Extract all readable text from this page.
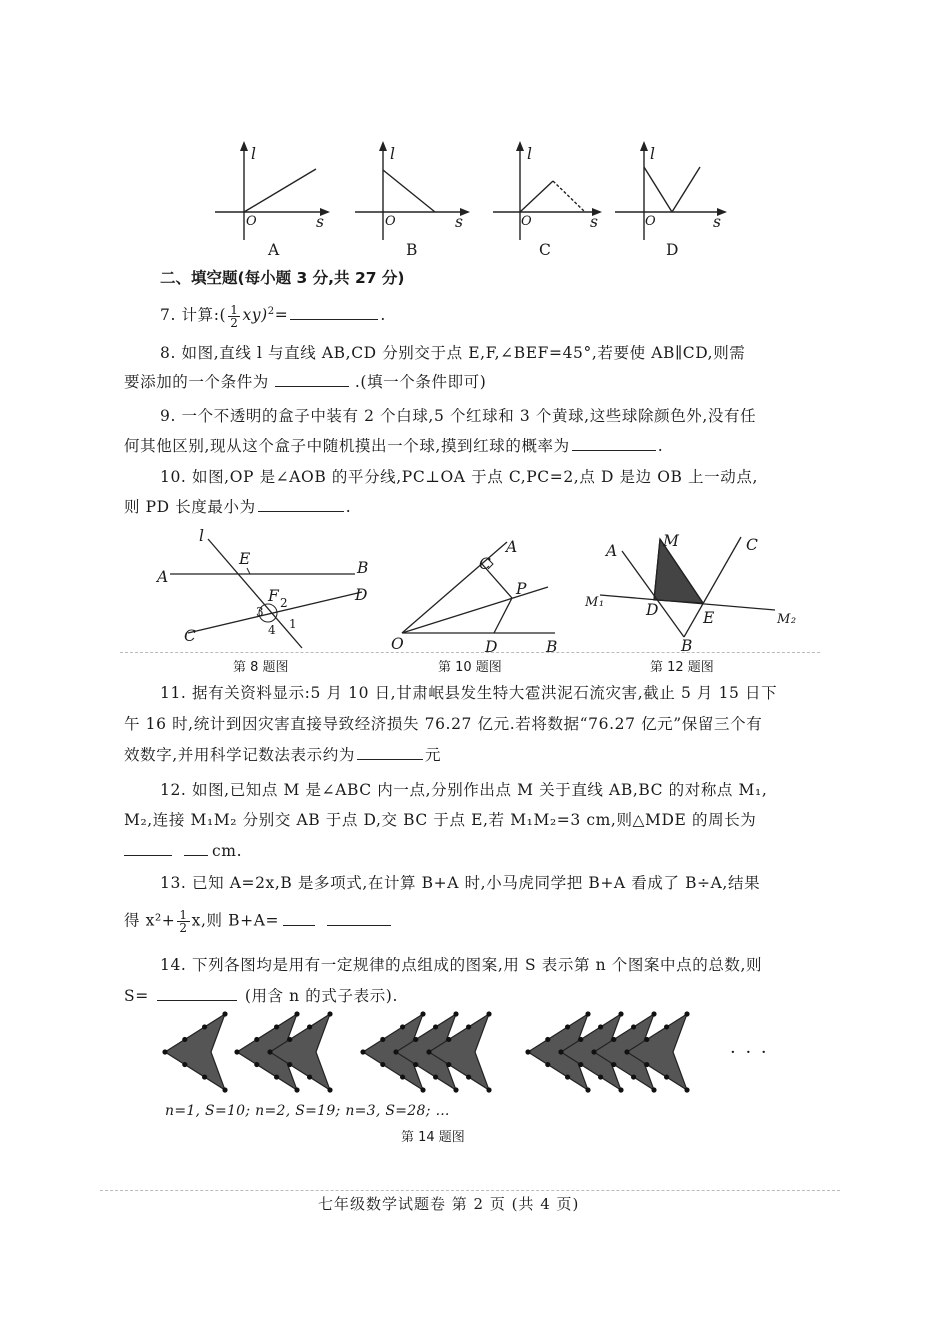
l
s
O
l
s
O
l
s
O
l
s
O
A	B	C	D
二、填空题(每小题 3 分,共 27 分)
7. 计算:( $\frac{1}{2} xy)^2=$	.
8. 如图,直线 l 与直线 AB,CD 分别交于点 E,F,∠BEF=45°,若要使 AB∥CD,则需
要添加的一个条件为	.(填一个条件即可)
9. 一个不透明的盒子中装有 2 个白球,5 个红球和 3 个黄球,这些球除颜色外,没有任
何其他区别,现从这个盒子中随机摸出一个球,摸到红球的概率为	.
10. 如图,OP 是∠AOB 的平分线,PC⊥OA 于点 C,PC=2,点 D 是边 OB 上一动点,
则 PD 长度最小为	.
l
E
A	B
F 2
3
4 1
D
C
第 8 题图
A
C
P
O	D	B
第 10 题图
A
M	C
M₁	D	E	M₂
B
第 12 题图
11. 据有关资料显示:5 月 10 日,甘肃岷县发生特大雹洪泥石流灾害,截止 5 月 15 日下
午 16 时,统计到因灾害直接导致经济损失 76.27 亿元.若将数据“76.27 亿元”保留三个有
效数字,并用科学记数法表示约为	元
12. 如图,已知点 M 是∠ABC 内一点,分别作出点 M 关于直线 AB,BC 的对称点 M₁,
M₂,连接 M₁M₂ 分别交 AB 于点 D,交 BC 于点 E,若 M₁M₂=3 cm,则△MDE 的周长为
cm.
13. 已知 A=2x,B 是多项式,在计算 B+A 时,小马虎同学把 B+A 看成了 B÷A,结果
得 $x^2+ \frac{1}{2} x$,则 B+A=
14. 下列各图均是用有一定规律的点组成的图案,用 S 表示第 n 个图案中点的总数,则
S=	(用含 n 的式子表示).
· · ·
n=1, S=10; n=2, S=19; n=3, S=28; …
第 14 题图
七年级数学试题卷 第 2 页 (共 4 页)
